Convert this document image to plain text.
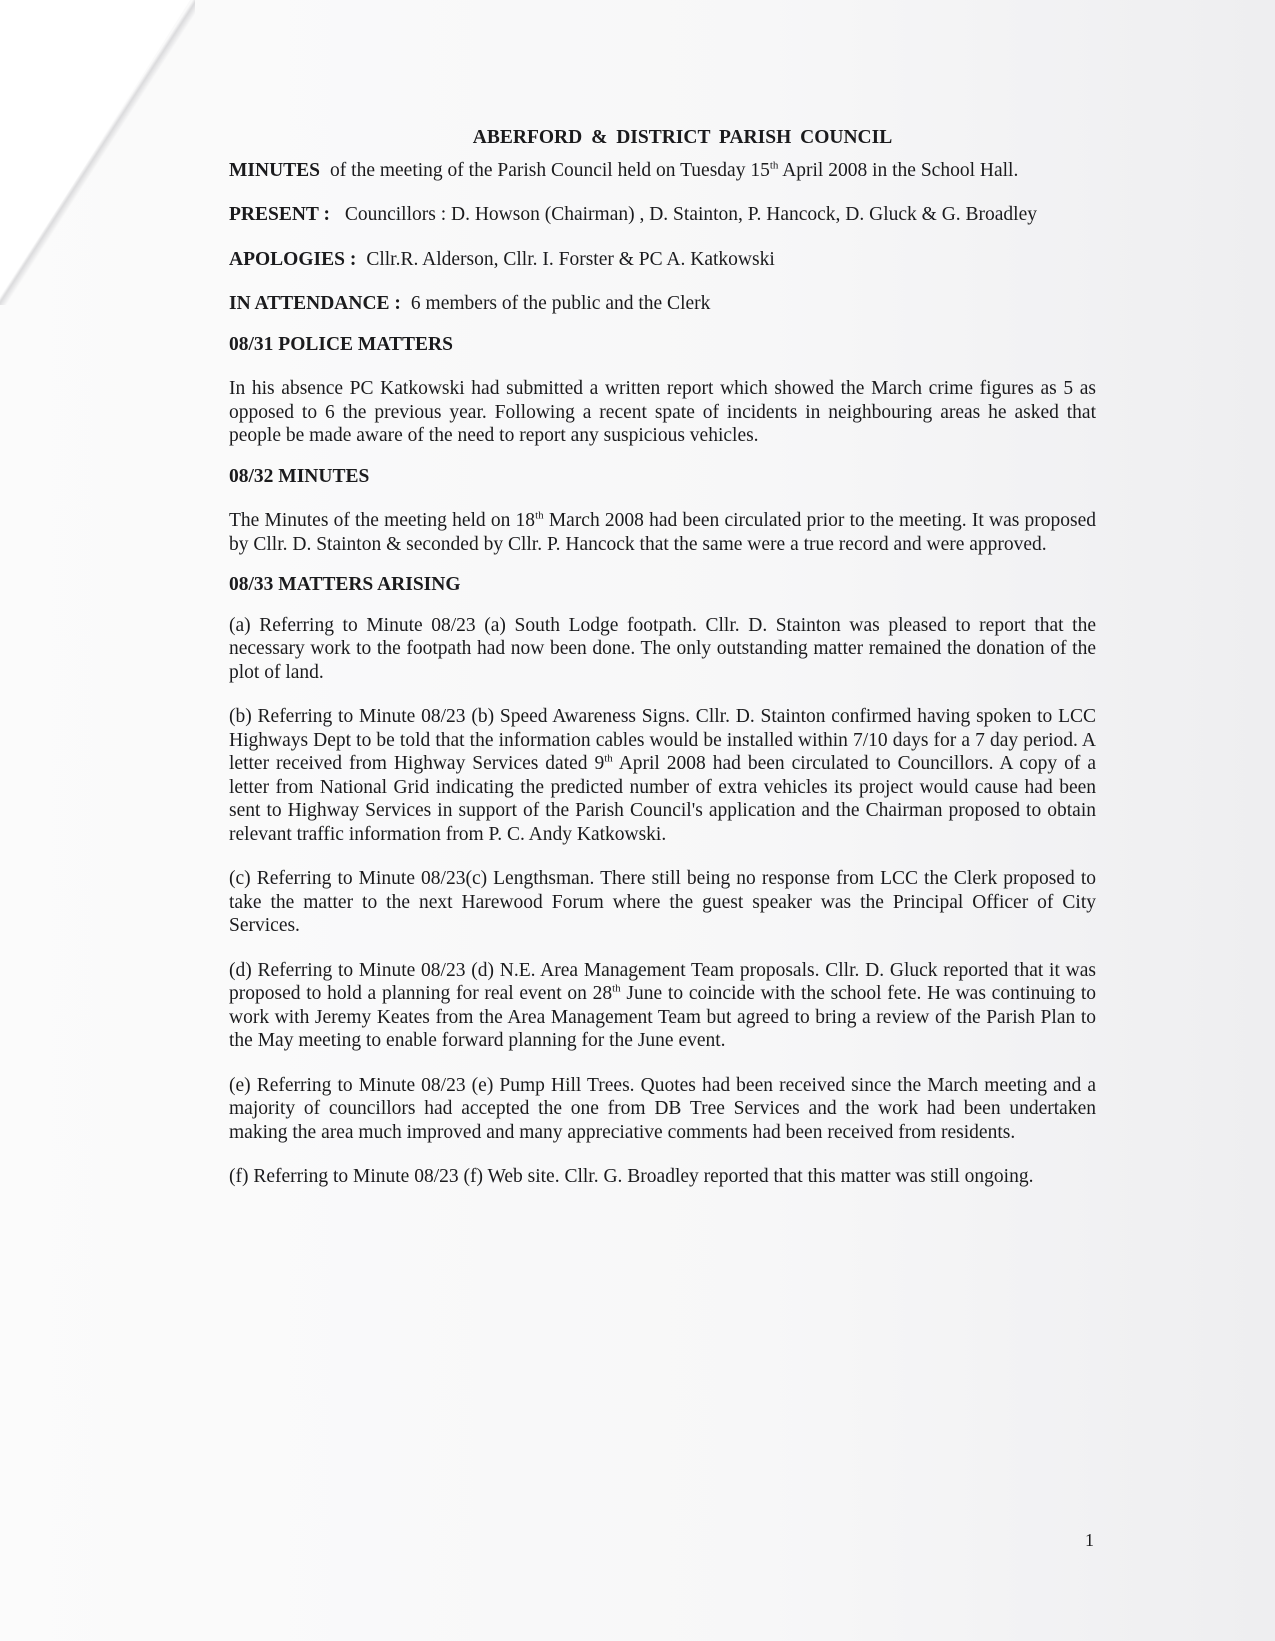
ABERFORD & DISTRICT PARISH COUNCIL

MINUTES of the meeting of the Parish Council held on Tuesday 15th April 2008 in the School Hall.

PRESENT : Councillors : D. Howson (Chairman) , D. Stainton, P. Hancock, D. Gluck & G. Broadley

APOLOGIES : Cllr.R. Alderson, Cllr. I. Forster & PC A. Katkowski

IN ATTENDANCE : 6 members of the public and the Clerk

08/31 POLICE MATTERS

In his absence PC Katkowski had submitted a written report which showed the March crime figures as 5 as opposed to 6 the previous year. Following a recent spate of incidents in neighbouring areas he asked that people be made aware of the need to report any suspicious vehicles.

08/32 MINUTES

The Minutes of the meeting held on 18th March 2008 had been circulated prior to the meeting. It was proposed by Cllr. D. Stainton & seconded by Cllr. P. Hancock that the same were a true record and were approved.

08/33 MATTERS ARISING

(a) Referring to Minute 08/23 (a) South Lodge footpath. Cllr. D. Stainton was pleased to report that the necessary work to the footpath had now been done. The only outstanding matter remained the donation of the plot of land.

(b) Referring to Minute 08/23 (b) Speed Awareness Signs. Cllr. D. Stainton confirmed having spoken to LCC Highways Dept to be told that the information cables would be installed within 7/10 days for a 7 day period. A letter received from Highway Services dated 9th April 2008 had been circulated to Councillors. A copy of a letter from National Grid indicating the predicted number of extra vehicles its project would cause had been sent to Highway Services in support of the Parish Council's application and the Chairman proposed to obtain relevant traffic information from P. C. Andy Katkowski.

(c) Referring to Minute 08/23(c) Lengthsman. There still being no response from LCC the Clerk proposed to take the matter to the next Harewood Forum where the guest speaker was the Principal Officer of City Services.

(d) Referring to Minute 08/23 (d) N.E. Area Management Team proposals. Cllr. D. Gluck reported that it was proposed to hold a planning for real event on 28th June to coincide with the school fete. He was continuing to work with Jeremy Keates from the Area Management Team but agreed to bring a review of the Parish Plan to the May meeting to enable forward planning for the June event.

(e) Referring to Minute 08/23 (e) Pump Hill Trees. Quotes had been received since the March meeting and a majority of councillors had accepted the one from DB Tree Services and the work had been undertaken making the area much improved and many appreciative comments had been received from residents.

(f) Referring to Minute 08/23 (f) Web site. Cllr. G. Broadley reported that this matter was still ongoing.

1
